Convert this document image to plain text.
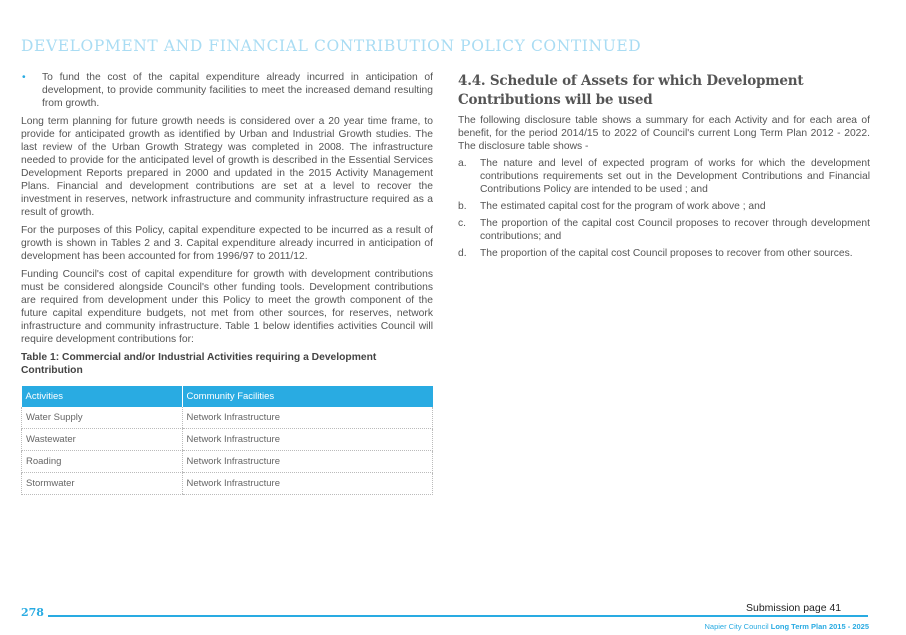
DEVELOPMENT AND FINANCIAL CONTRIBUTION POLICY CONTINUED
•	To fund the cost of the capital expenditure already incurred in anticipation of development, to provide community facilities to meet the increased demand resulting from growth.

Long term planning for future growth needs is considered over a 20 year time frame, to provide for anticipated growth as identified by Urban and Industrial Growth studies. The last review of the Urban Growth Strategy was completed in 2008. The infrastructure needed to provide for the anticipated level of growth is described in the Essential Services Development Reports prepared in 2000 and updated in the 2015 Activity Management Plans. Financial and development contributions are set at a level to recover the investment in reserves, network infrastructure and community infrastructure required as a result of growth.

For the purposes of this Policy, capital expenditure expected to be incurred as a result of growth is shown in Tables 2 and 3. Capital expenditure already incurred in anticipation of development has been accounted for from 1996/97 to 2011/12.

Funding Council's cost of capital expenditure for growth with development contributions must be considered alongside Council's other funding tools. Development contributions are required from development under this Policy to meet the growth component of the future capital expenditure budgets, not met from other sources, for reserves, network infrastructure and community infrastructure. Table 1 below identifies activities Council will require development contributions for:

Table 1: Commercial and/or Industrial Activities requiring a Development Contribution
Activities	Community Facilities
Water Supply	Network Infrastructure
Wastewater	Network Infrastructure
Roading	Network Infrastructure
Stormwater	Network Infrastructure
4.4. Schedule of Assets for which Development Contributions will be used

The following disclosure table shows a summary for each Activity and for each area of benefit, for the period 2014/15 to 2022 of Council's current Long Term Plan 2012 - 2022. The disclosure table shows -

a.	The nature and level of expected program of works for which the development contributions requirements set out in the Development Contributions and Financial Contributions Policy are intended to be used ; and
b.	The estimated capital cost for the program of work above ; and
c.	The proportion of the capital cost Council proposes to recover through development contributions; and
d.	The proportion of the capital cost Council proposes to recover from other sources.
Submission page 41
278
Napier City Council Long Term Plan 2015 - 2025
